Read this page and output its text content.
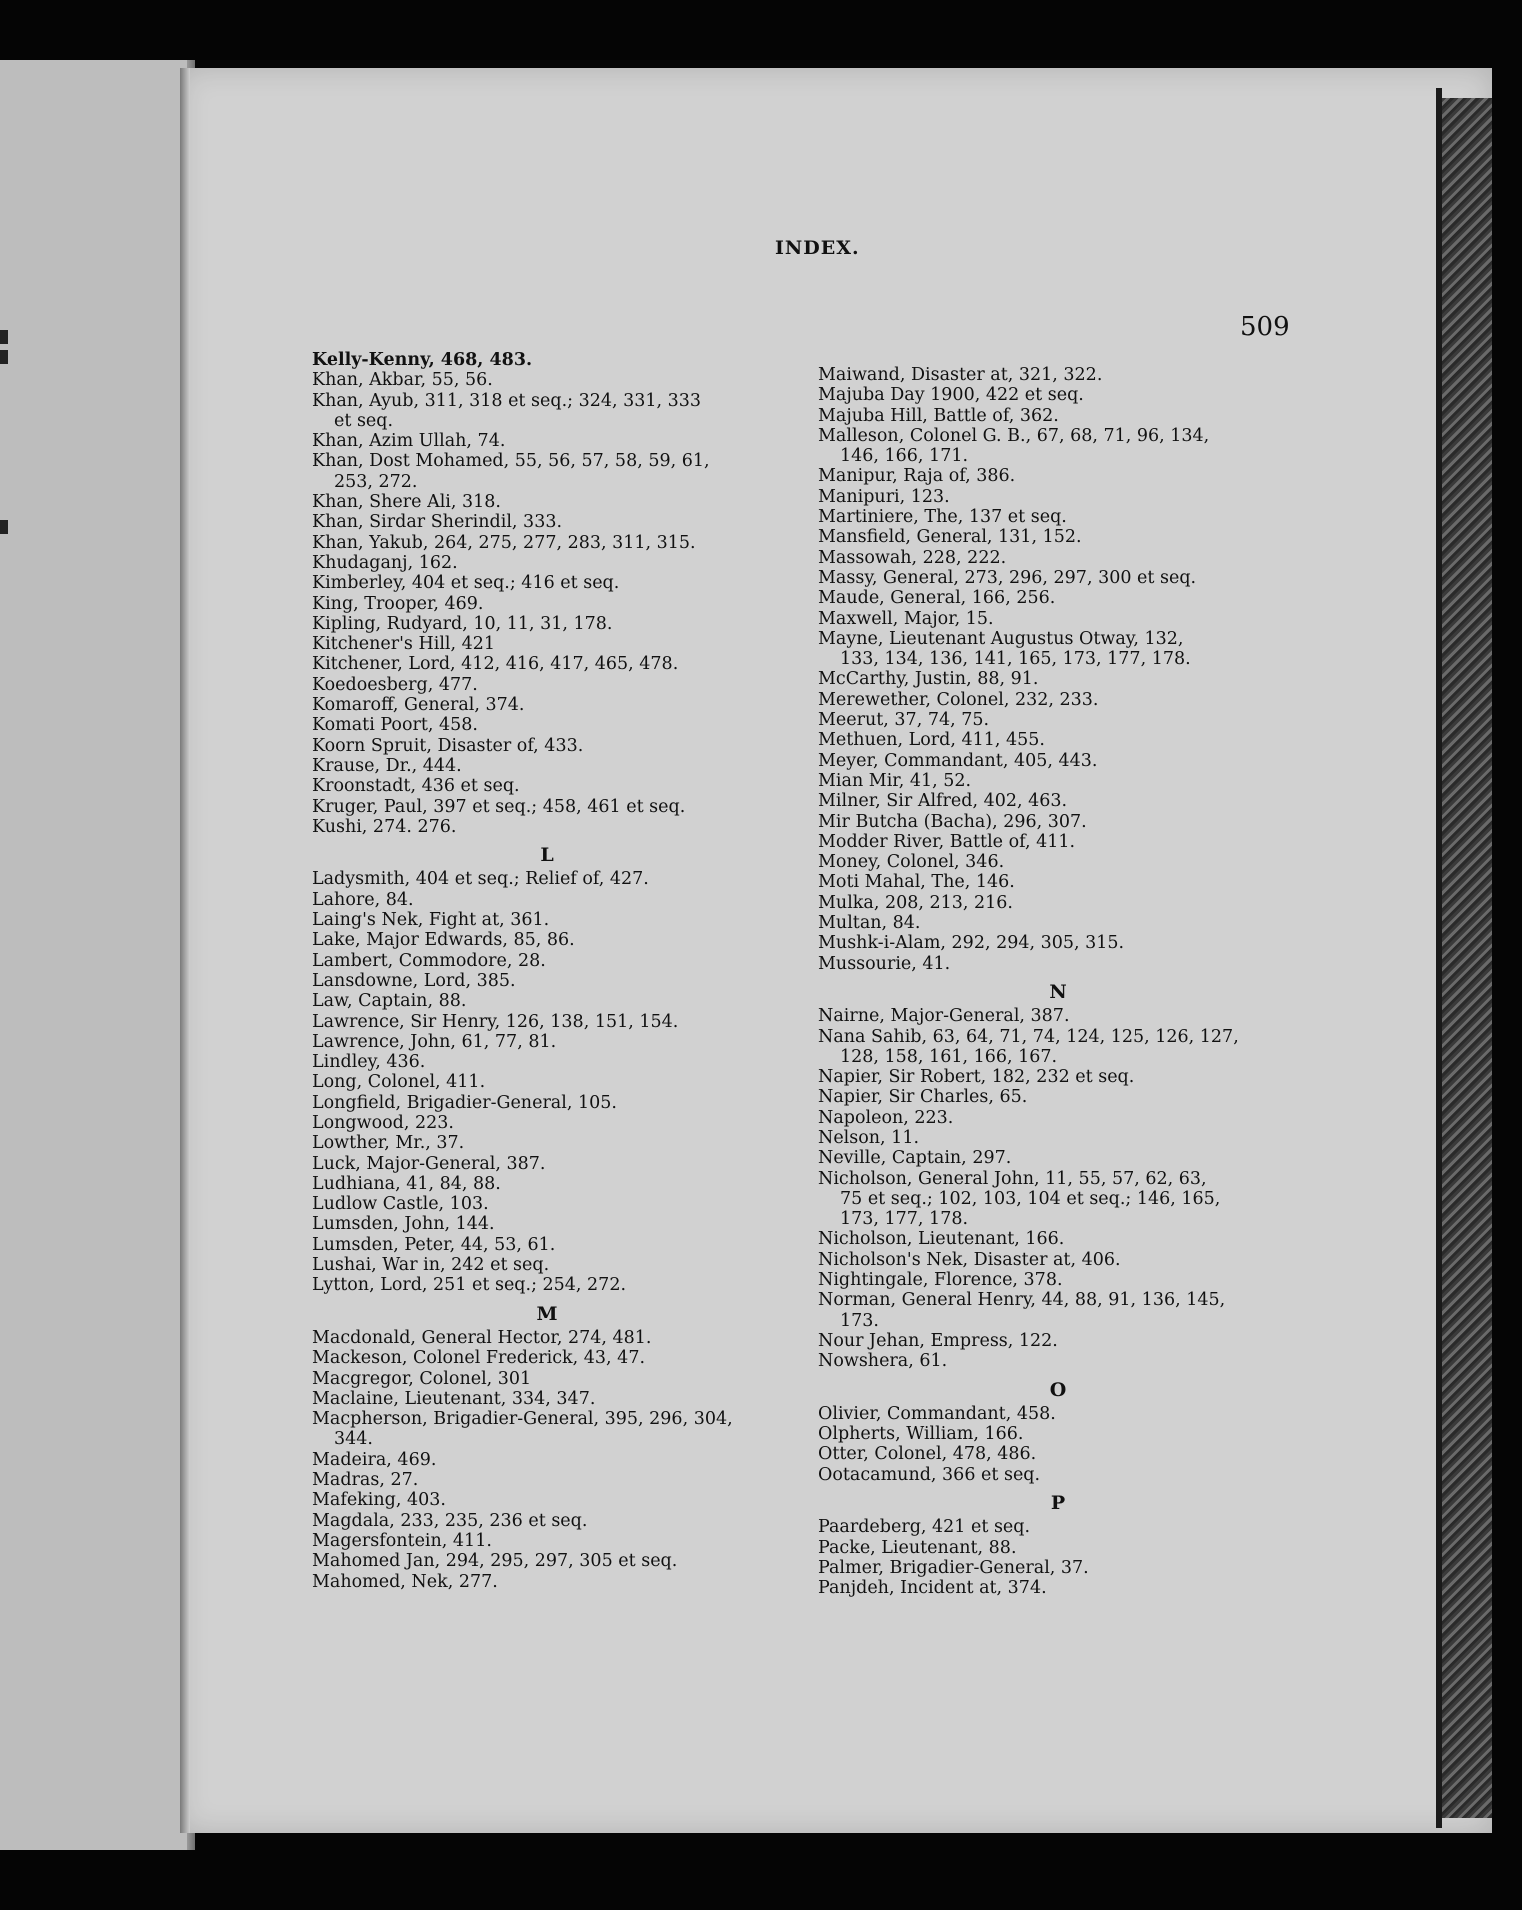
INDEX.
509
Kelly-Kenny, 468, 483.
Khan, Akbar, 55, 56.
Khan, Ayub, 311, 318 et seq.; 324, 331, 333
et seq.
Khan, Azim Ullah, 74.
Khan, Dost Mohamed, 55, 56, 57, 58, 59, 61,
253, 272.
Khan, Shere Ali, 318.
Khan, Sirdar Sherindil, 333.
Khan, Yakub, 264, 275, 277, 283, 311, 315.
Khudaganj, 162.
Kimberley, 404 et seq.; 416 et seq.
King, Trooper, 469.
Kipling, Rudyard, 10, 11, 31, 178.
Kitchener's Hill, 421
Kitchener, Lord, 412, 416, 417, 465, 478.
Koedoesberg, 477.
Komaroff, General, 374.
Komati Poort, 458.
Koorn Spruit, Disaster of, 433.
Krause, Dr., 444.
Kroonstadt, 436 et seq.
Kruger, Paul, 397 et seq.; 458, 461 et seq.
Kushi, 274. 276.
L
Ladysmith, 404 et seq.; Relief of, 427.
Lahore, 84.
Laing's Nek, Fight at, 361.
Lake, Major Edwards, 85, 86.
Lambert, Commodore, 28.
Lansdowne, Lord, 385.
Law, Captain, 88.
Lawrence, Sir Henry, 126, 138, 151, 154.
Lawrence, John, 61, 77, 81.
Lindley, 436.
Long, Colonel, 411.
Longfield, Brigadier-General, 105.
Longwood, 223.
Lowther, Mr., 37.
Luck, Major-General, 387.
Ludhiana, 41, 84, 88.
Ludlow Castle, 103.
Lumsden, John, 144.
Lumsden, Peter, 44, 53, 61.
Lushai, War in, 242 et seq.
Lytton, Lord, 251 et seq.; 254, 272.
M
Macdonald, General Hector, 274, 481.
Mackeson, Colonel Frederick, 43, 47.
Macgregor, Colonel, 301
Maclaine, Lieutenant, 334, 347.
Macpherson, Brigadier-General, 395, 296, 304,
344.
Madeira, 469.
Madras, 27.
Mafeking, 403.
Magdala, 233, 235, 236 et seq.
Magersfontein, 411.
Mahomed Jan, 294, 295, 297, 305 et seq.
Mahomed, Nek, 277.
Maiwand, Disaster at, 321, 322.
Majuba Day 1900, 422 et seq.
Majuba Hill, Battle of, 362.
Malleson, Colonel G. B., 67, 68, 71, 96, 134,
146, 166, 171.
Manipur, Raja of, 386.
Manipuri, 123.
Martiniere, The, 137 et seq.
Mansfield, General, 131, 152.
Massowah, 228, 222.
Massy, General, 273, 296, 297, 300 et seq.
Maude, General, 166, 256.
Maxwell, Major, 15.
Mayne, Lieutenant Augustus Otway, 132,
133, 134, 136, 141, 165, 173, 177, 178.
McCarthy, Justin, 88, 91.
Merewether, Colonel, 232, 233.
Meerut, 37, 74, 75.
Methuen, Lord, 411, 455.
Meyer, Commandant, 405, 443.
Mian Mir, 41, 52.
Milner, Sir Alfred, 402, 463.
Mir Butcha (Bacha), 296, 307.
Modder River, Battle of, 411.
Money, Colonel, 346.
Moti Mahal, The, 146.
Mulka, 208, 213, 216.
Multan, 84.
Mushk-i-Alam, 292, 294, 305, 315.
Mussourie, 41.
N
Nairne, Major-General, 387.
Nana Sahib, 63, 64, 71, 74, 124, 125, 126, 127,
128, 158, 161, 166, 167.
Napier, Sir Robert, 182, 232 et seq.
Napier, Sir Charles, 65.
Napoleon, 223.
Nelson, 11.
Neville, Captain, 297.
Nicholson, General John, 11, 55, 57, 62, 63,
75 et seq.; 102, 103, 104 et seq.; 146, 165,
173, 177, 178.
Nicholson, Lieutenant, 166.
Nicholson's Nek, Disaster at, 406.
Nightingale, Florence, 378.
Norman, General Henry, 44, 88, 91, 136, 145,
173.
Nour Jehan, Empress, 122.
Nowshera, 61.
O
Olivier, Commandant, 458.
Olpherts, William, 166.
Otter, Colonel, 478, 486.
Ootacamund, 366 et seq.
P
Paardeberg, 421 et seq.
Packe, Lieutenant, 88.
Palmer, Brigadier-General, 37.
Panjdeh, Incident at, 374.
